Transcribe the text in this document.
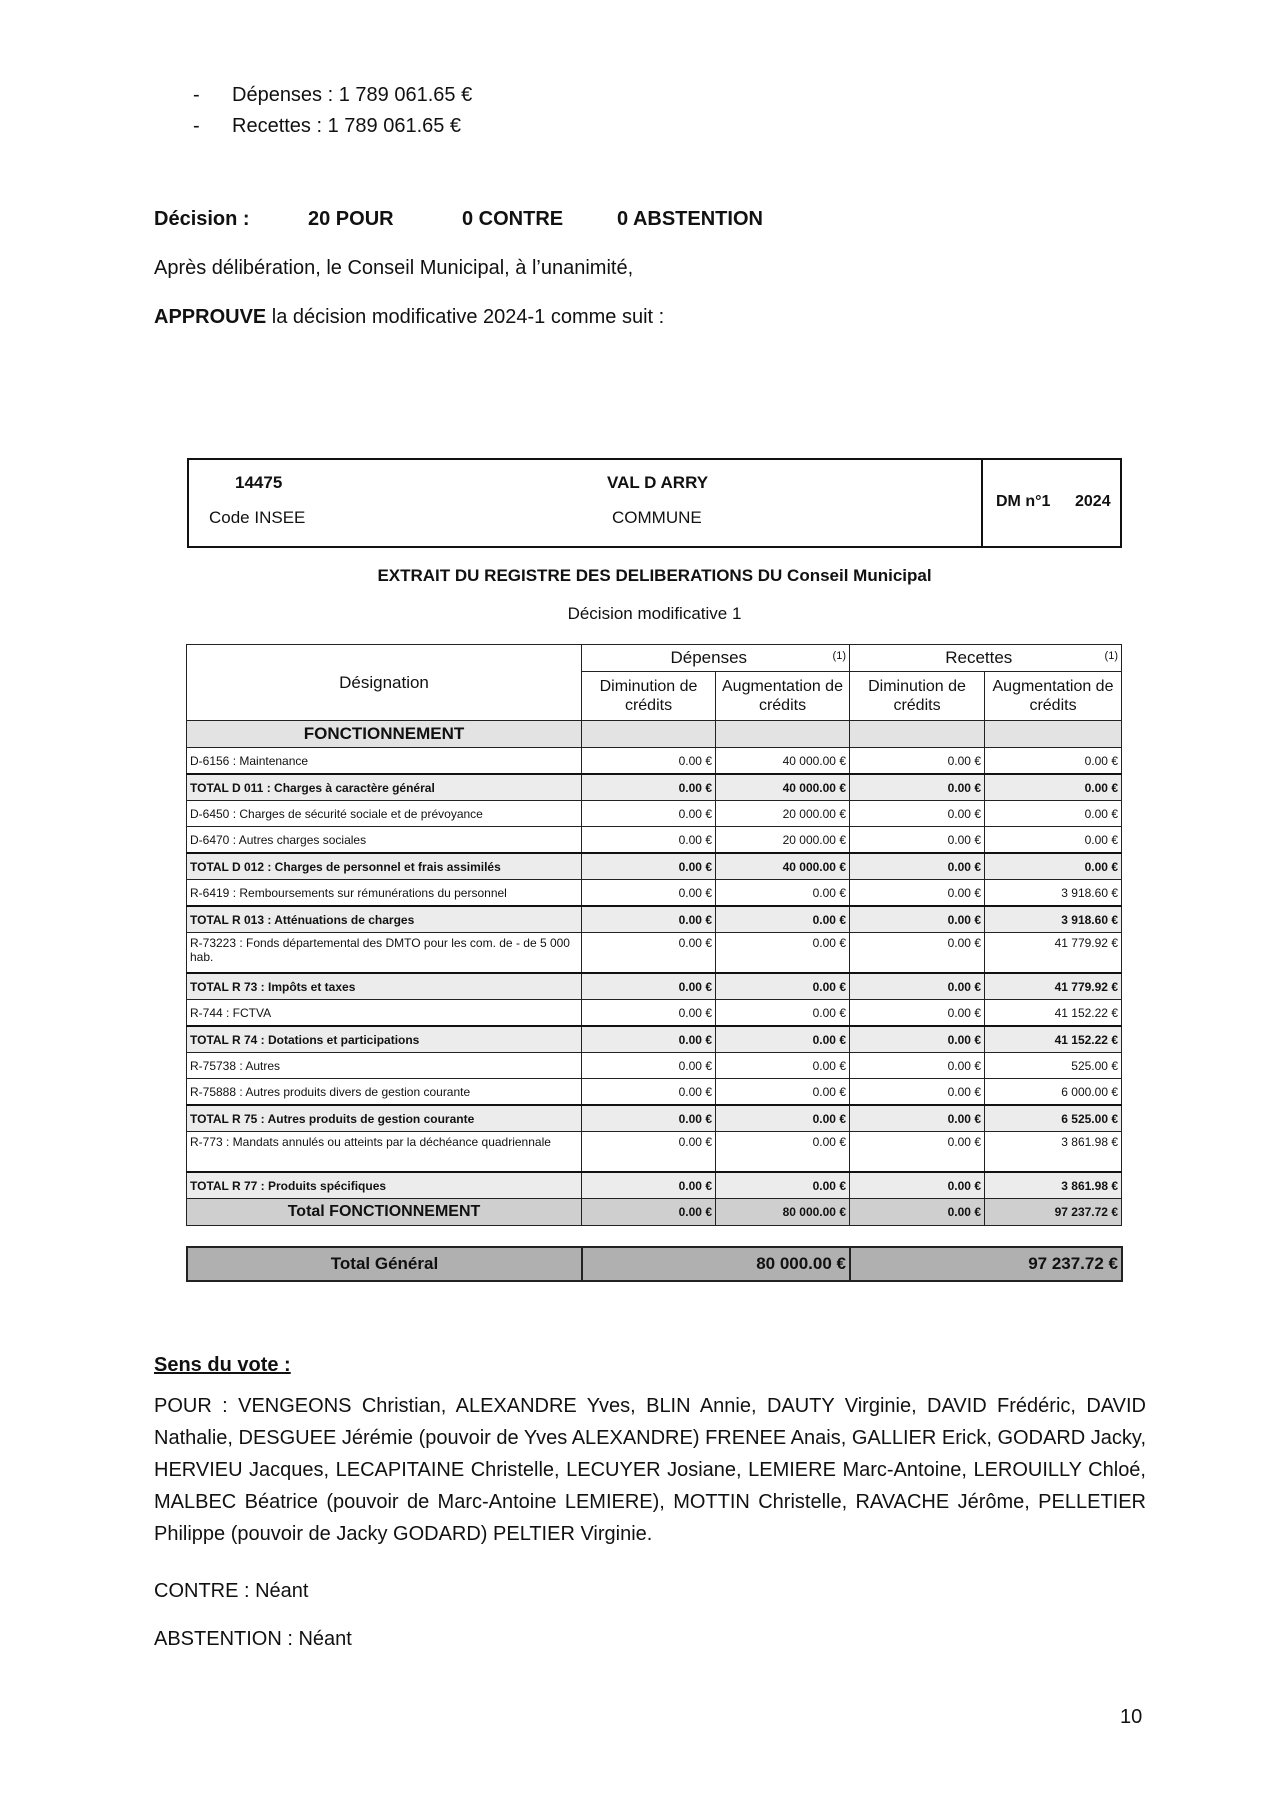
- Dépenses : 1 789 061.65 €
- Recettes : 1 789 061.65 €
Décision :	20 POUR	0 CONTRE	0 ABSTENTION
Après délibération, le Conseil Municipal, à l’unanimité,
APPROUVE la décision modificative 2024-1 comme suit :
14475
Code INSEE
VAL D ARRY
COMMUNE
DM n°1 2024
EXTRAIT DU REGISTRE DES DELIBERATIONS DU Conseil Municipal
Décision modificative 1
Désignation	Dépenses (1)		Recettes (1)	

	Diminution de crédits	Augmentation de crédits	Diminution de crédits	Augmentation de crédits
FONCTIONNEMENT				
D-6156 : Maintenance	0.00 €	40 000.00 €	0.00 €	0.00 €
TOTAL D 011 : Charges à caractère général	0.00 €	40 000.00 €	0.00 €	0.00 €
D-6450 : Charges de sécurité sociale et de prévoyance	0.00 €	20 000.00 €	0.00 €	0.00 €
D-6470 : Autres charges sociales	0.00 €	20 000.00 €	0.00 €	0.00 €
TOTAL D 012 : Charges de personnel et frais assimilés	0.00 €	40 000.00 €	0.00 €	0.00 €
R-6419 : Remboursements sur rémunérations du personnel	0.00 €	0.00 €	0.00 €	3 918.60 €
TOTAL R 013 : Atténuations de charges	0.00 €	0.00 €	0.00 €	3 918.60 €
R-73223 : Fonds départemental des DMTO pour les com. de - de 5 000 hab.	0.00 €	0.00 €	0.00 €	41 779.92 €
TOTAL R 73 : Impôts et taxes	0.00 €	0.00 €	0.00 €	41 779.92 €
R-744 : FCTVA	0.00 €	0.00 €	0.00 €	41 152.22 €
TOTAL R 74 : Dotations et participations	0.00 €	0.00 €	0.00 €	41 152.22 €
R-75738 : Autres	0.00 €	0.00 €	0.00 €	525.00 €
R-75888 : Autres produits divers de gestion courante	0.00 €	0.00 €	0.00 €	6 000.00 €
TOTAL R 75 : Autres produits de gestion courante	0.00 €	0.00 €	0.00 €	6 525.00 €
R-773 : Mandats annulés ou atteints par la déchéance quadriennale	0.00 €	0.00 €	0.00 €	3 861.98 €
TOTAL R 77 : Produits spécifiques	0.00 €	0.00 €	0.00 €	3 861.98 €
Total FONCTIONNEMENT	0.00 €	80 000.00 €	0.00 €	97 237.72 €
Total Général	80 000.00 €	97 237.72 €
Sens du vote :
POUR : VENGEONS Christian, ALEXANDRE Yves, BLIN Annie, DAUTY Virginie, DAVID Frédéric, DAVID Nathalie, DESGUEE Jérémie (pouvoir de Yves ALEXANDRE) FRENEE Anais, GALLIER Erick, GODARD Jacky, HERVIEU Jacques, LECAPITAINE Christelle, LECUYER Josiane, LEMIERE Marc-Antoine, LEROUILLY Chloé, MALBEC Béatrice (pouvoir de Marc-Antoine LEMIERE), MOTTIN Christelle, RAVACHE Jérôme, PELLETIER Philippe (pouvoir de Jacky GODARD) PELTIER Virginie.
CONTRE : Néant
ABSTENTION : Néant
10
